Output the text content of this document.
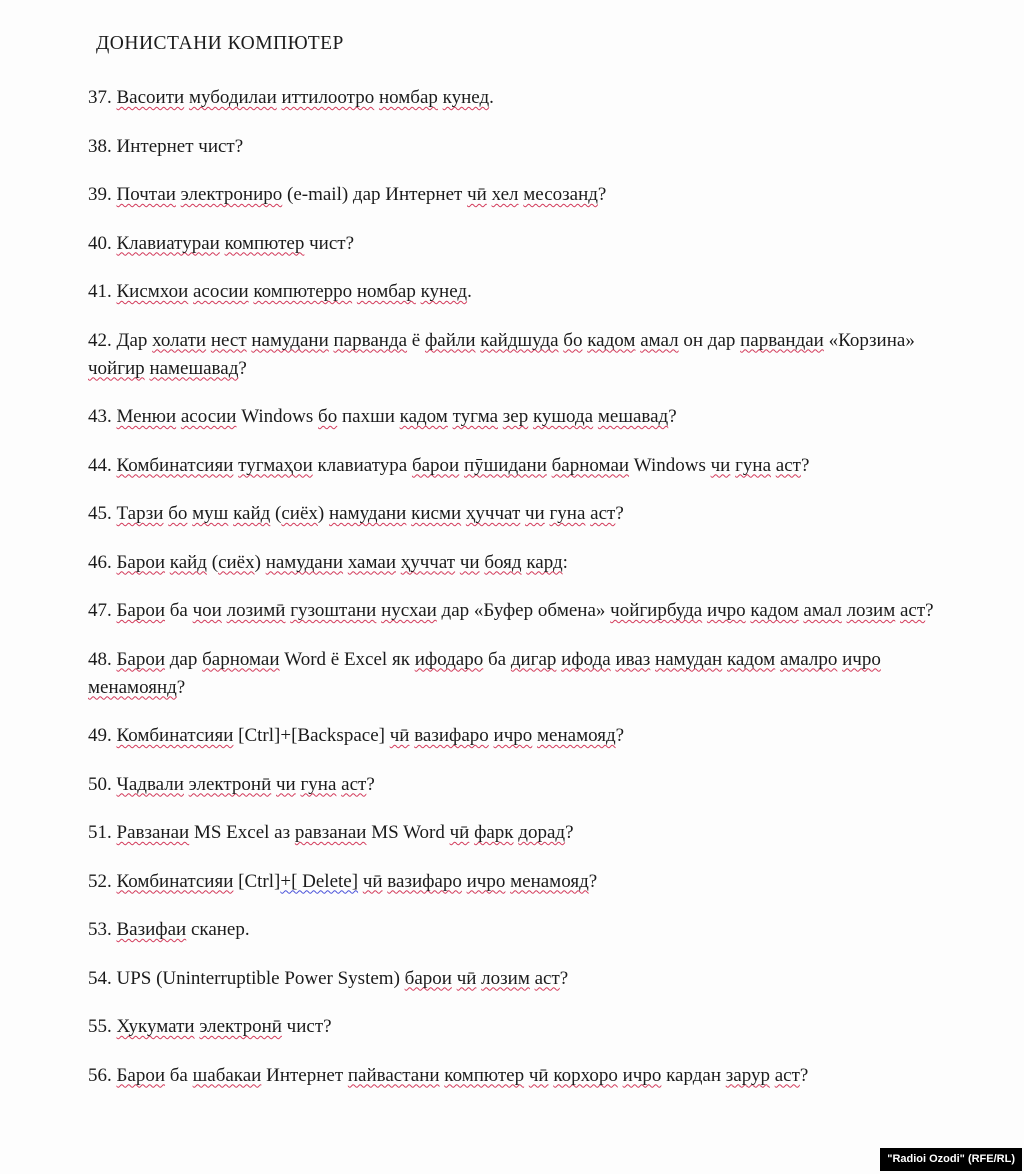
ДОНИСТАНИ КОМПЮТЕР

37. Васоити мубодилаи иттилоотро номбар кунед.

38. Интернет чист?

39. Почтаи электрониро (e-mail) дар Интернет чӣ хел месозанд?

40. Клавиатураи компютер чист?

41. Кисмхои асосии компютерро номбар кунед.

42. Дар холати нест намудани парванда ё файли кайдшуда бо кадом амал он дар парвандаи «Корзина» чойгир намешавад?

43. Менюи асосии Windows бо пахши кадом тугма зер кушода мешавад?

44. Комбинатсияи тугмаҳои клавиатура барои пӯшидани барномаи Windows чи гуна аст?

45. Тарзи бо муш кайд (сиёх) намудани кисми ҳуччат чи гуна аст?

46. Барои кайд (сиёх) намудани хамаи ҳуччат чи бояд кард:

47. Барои ба чои лозимӣ гузоштани нусхаи дар «Буфер обмена» чойгирбуда ичро кадом амал лозим аст?

48. Барои дар барномаи Word ё Excel як ифодаро ба дигар ифода иваз намудан кадом амалро ичро менамоянд?

49. Комбинатсияи [Ctrl]+[Backspace] чӣ вазифаро ичро менамояд?

50. Чадвали электронӣ чи гуна аст?

51. Равзанаи MS Excel аз равзанаи MS Word чӣ фарк дорад?

52. Комбинатсияи [Ctrl]+[ Delete] чӣ вазифаро ичро менамояд?

53. Вазифаи сканер.

54. UPS (Uninterruptible Power System) барои чӣ лозим аст?

55. Хукумати электронӣ чист?

56. Барои ба шабакаи Интернет пайвастани компютер чӣ корхоро ичро кардан зарур аст?

"Radioi Ozodi" (RFE/RL)
